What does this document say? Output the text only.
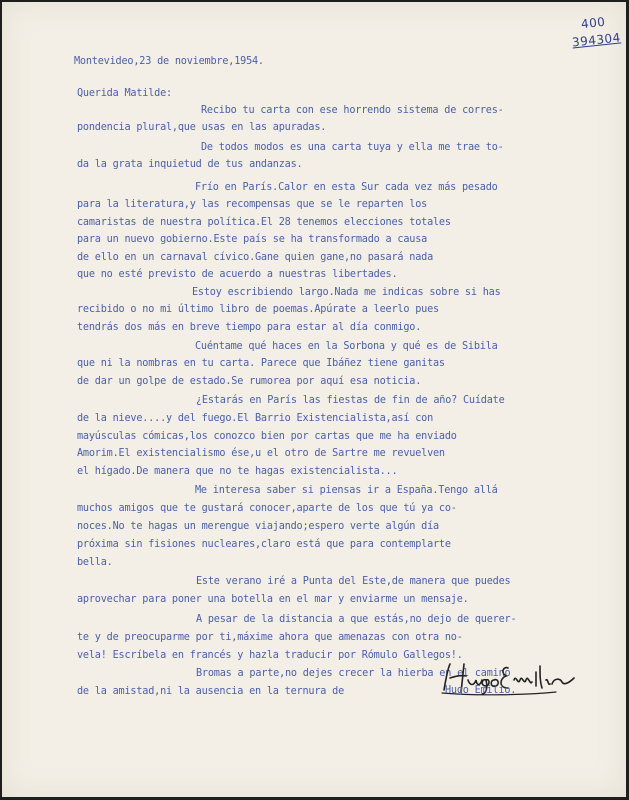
400
394304
Montevideo,23 de noviembre,1954.
Querida Matilde:
Recibo tu carta con ese horrendo sistema de corres-
pondencia plural,que usas en las apuradas.
De todos modos es una carta tuya y ella me trae to-
da la grata inquietud de tus andanzas.
Frío en París.Calor en esta Sur cada vez más pesado
para la literatura,y las recompensas que se le reparten los
camaristas de nuestra política.El 28 tenemos elecciones totales
para un nuevo gobierno.Este país se ha transformado a causa
de ello en un carnaval cívico.Gane quien gane,no pasará nada
que no esté previsto de acuerdo a nuestras libertades.
Estoy escribiendo largo.Nada me indicas sobre si has
recibido o no mi último libro de poemas.Apúrate a leerlo pues
tendrás dos más en breve tiempo para estar al día conmigo.
Cuéntame qué haces en la Sorbona y qué es de Sibila
que ni la nombras en tu carta. Parece que Ibáñez tiene ganitas
de dar un golpe de estado.Se rumorea por aquí esa noticia.
¿Estarás en París las fiestas de fin de año? Cuídate
de la nieve....y del fuego.El Barrio Existencialista,así con
mayúsculas cómicas,los conozco bien por cartas que me ha enviado
Amorim.El existencialismo ése,u el otro de Sartre me revuelven
el hígado.De manera que no te hagas existencialista...
Me interesa saber si piensas ir a España.Tengo allá
muchos amigos que te gustará conocer,aparte de los que tú ya co-
noces.No te hagas un merengue viajando;espero verte algún día
próxima sin fisiones nucleares,claro está que para contemplarte
bella.
Este verano iré a Punta del Este,de manera que puedes
aprovechar para poner una botella en el mar y enviarme un mensaje.
A pesar de la distancia a que estás,no dejo de querer-
te y de preocuparme por ti,máxime ahora que amenazas con otra no-
vela! Escríbela en francés y hazla traducir por Rómulo Gallegos!.
Bromas a parte,no dejes crecer la hierba en el camino
de la amistad,ni la ausencia en la ternura de	Hugo Emilio.
